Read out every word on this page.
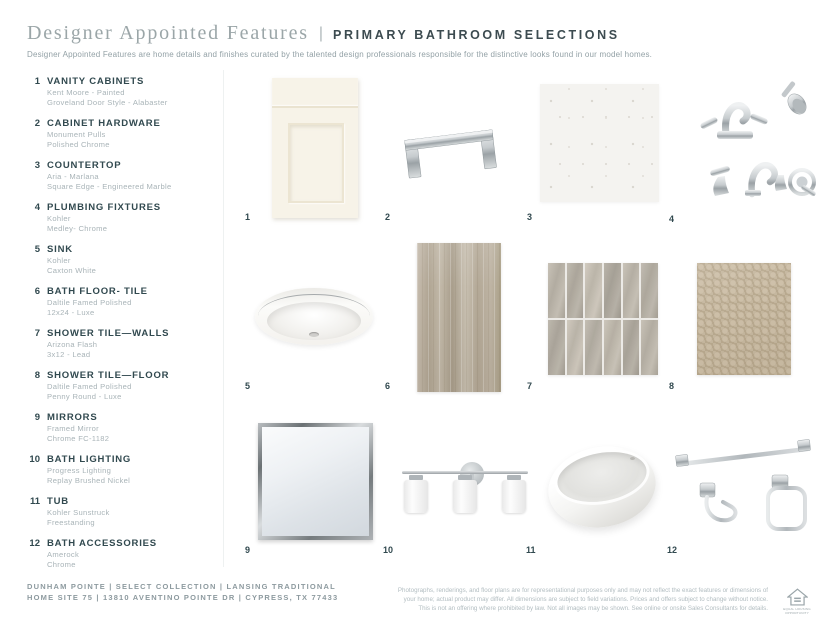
Designer Appointed Features | PRIMARY BATHROOM SELECTIONS

Designer Appointed Features are home details and finishes curated by the talented design professionals responsible for the distinctive looks found in our model homes.

1 VANITY CABINETS
Kent Moore - Painted
Groveland Door Style - Alabaster
2 CABINET HARDWARE
Monument Pulls
Polished Chrome
3 COUNTERTOP
Aria - Marlana
Square Edge - Engineered Marble
4 PLUMBING FIXTURES
Kohler
Medley- Chrome
5 SINK
Kohler
Caxton White
6 BATH FLOOR- TILE
Daltile Famed Polished
12x24 - Luxe
7 SHOWER TILE—WALLS
Arizona Flash
3x12 - Lead
8 SHOWER TILE—FLOOR
Daltile Famed Polished
Penny Round - Luxe
9 MIRRORS
Framed Mirror
Chrome FC-1182
10 BATH LIGHTING
Progress Lighting
Replay Brushed Nickel
11 TUB
Kohler Sunstruck
Freestanding
12 BATH ACCESSORIES
Amerock
Chrome
1	2	3	4
5	6	7	8
9	10	11	12
DUNHAM POINTE | SELECT COLLECTION | LANSING TRADITIONAL
HOME SITE 75 | 13810 AVENTINO POINTE DR | CYPRESS, TX 77433
Photographs, renderings, and floor plans are for representational purposes only and may not reflect the exact features or dimensions of
your home; actual product may differ. All dimensions are subject to field variations. Prices and offers subject to change without notice.
This is not an offering where prohibited by law. Not all images may be shown. See online or onsite Sales Consultants for details.	EQUAL HOUSING OPPORTUNITY
